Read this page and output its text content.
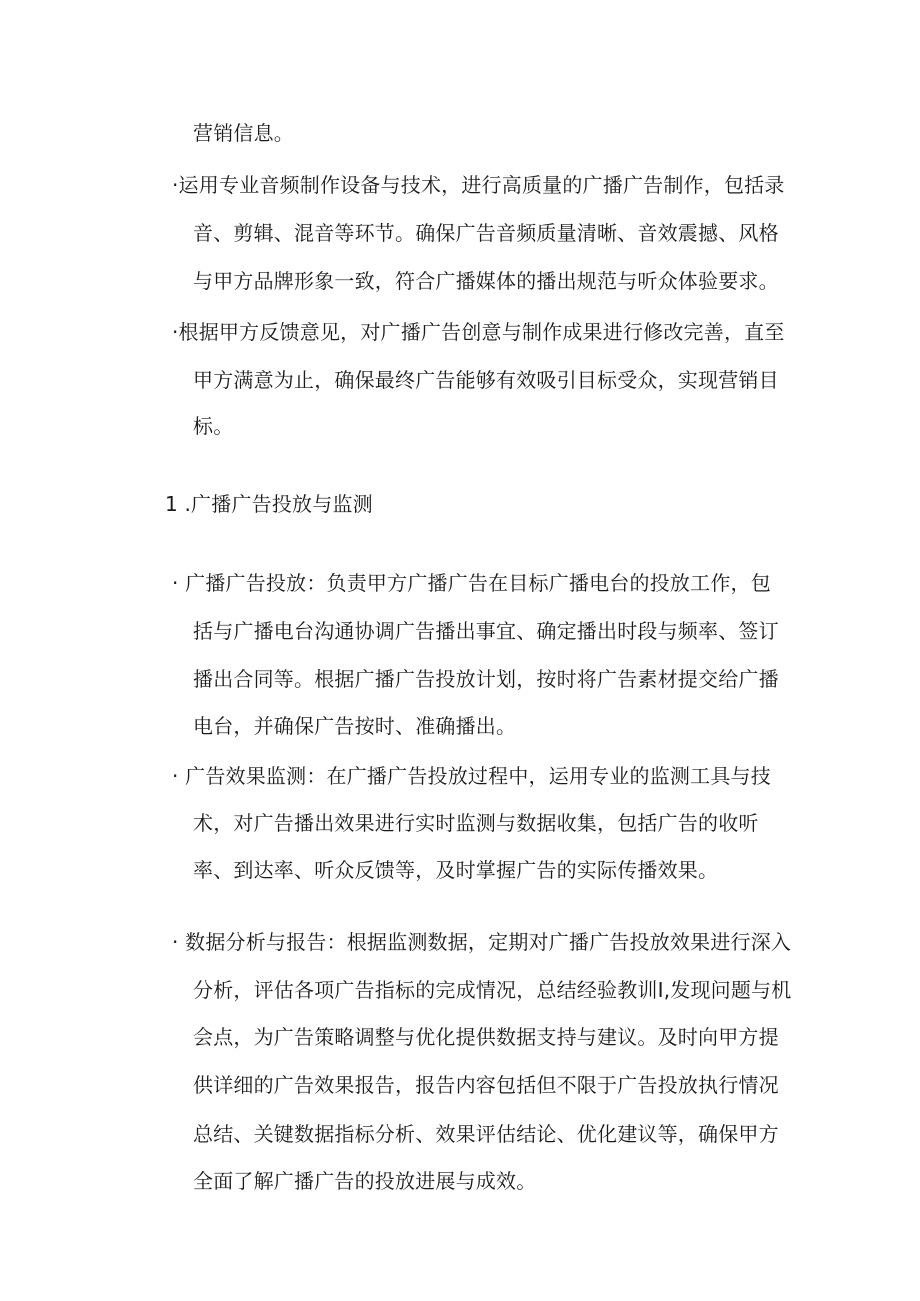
营销信息。
·运用专业音频制作设备与技术，进行高质量的广播广告制作，包括录
音、剪辑、混音等环节。确保广告音频质量清晰、音效震撼、风格
与甲方品牌形象一致，符合广播媒体的播出规范与听众体验要求。
·根据甲方反馈意见，对广播广告创意与制作成果进行修改完善，直至
甲方满意为止，确保最终广告能够有效吸引目标受众，实现营销目
标。
1 .广播广告投放与监测
· 广播广告投放：负责甲方广播广告在目标广播电台的投放工作，包
括与广播电台沟通协调广告播出事宜、确定播出时段与频率、签订
播出合同等。根据广播广告投放计划，按时将广告素材提交给广播
电台，并确保广告按时、准确播出。
· 广告效果监测：在广播广告投放过程中，运用专业的监测工具与技
术，对广告播出效果进行实时监测与数据收集，包括广告的收听
率、到达率、听众反馈等，及时掌握广告的实际传播效果。
· 数据分析与报告：根据监测数据，定期对广播广告投放效果进行深入
分析，评估各项广告指标的完成情况，总结经验教训I,发现问题与机
会点，为广告策略调整与优化提供数据支持与建议。及时向甲方提
供详细的广告效果报告，报告内容包括但不限于广告投放执行情况
总结、关键数据指标分析、效果评估结论、优化建议等，确保甲方
全面了解广播广告的投放进展与成效。
